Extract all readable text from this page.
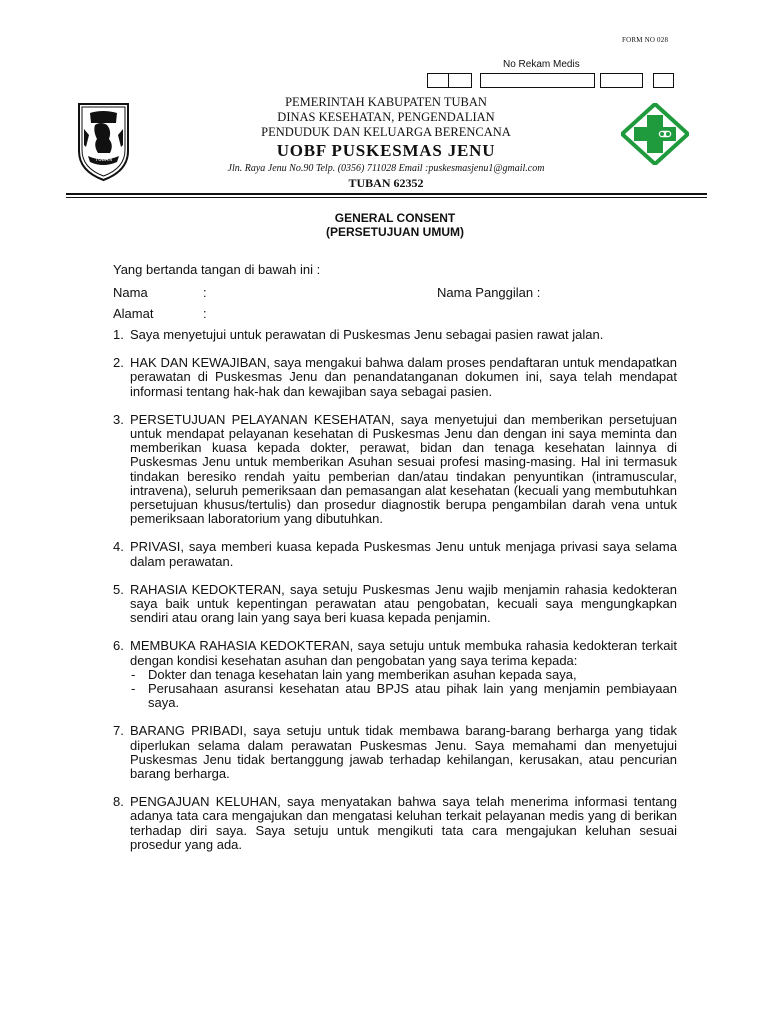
FORM NO 028
No Rekam Medis
TUBAN
PEMERINTAH KABUPATEN TUBAN
DINAS KESEHATAN, PENGENDALIAN
PENDUDUK DAN KELUARGA BERENCANA
UOBF PUSKESMAS JENU
Jln. Raya Jenu No.90 Telp. (0356) 711028 Email :puskesmasjenu1@gmail.com
TUBAN 62352
GENERAL CONSENT
(PERSETUJUAN UMUM)
Yang bertanda tangan di bawah ini :
Nama	:	Nama Panggilan :
Alamat	:
1. Saya menyetujui untuk perawatan di Puskesmas Jenu sebagai pasien rawat jalan.
2. HAK DAN KEWAJIBAN, saya mengakui bahwa dalam proses pendaftaran untuk mendapatkan perawatan di Puskesmas Jenu dan penandatanganan dokumen ini, saya telah mendapat informasi tentang hak-hak dan kewajiban saya sebagai pasien.
3. PERSETUJUAN PELAYANAN KESEHATAN, saya menyetujui dan memberikan persetujuan untuk mendapat pelayanan kesehatan di Puskesmas Jenu dan dengan ini saya meminta dan memberikan kuasa kepada dokter, perawat, bidan dan tenaga kesehatan lainnya di Puskesmas Jenu untuk memberikan Asuhan sesuai profesi masing-masing. Hal ini termasuk tindakan beresiko rendah yaitu pemberian dan/atau tindakan penyuntikan (intramuscular, intravena), seluruh pemeriksaan dan pemasangan alat kesehatan (kecuali yang membutuhkan persetujuan khusus/tertulis) dan prosedur diagnostik berupa pengambilan darah vena untuk pemeriksaan laboratorium yang dibutuhkan.
4. PRIVASI, saya memberi kuasa kepada Puskesmas Jenu untuk menjaga privasi saya selama dalam perawatan.
5. RAHASIA KEDOKTERAN, saya setuju Puskesmas Jenu wajib menjamin rahasia kedokteran saya baik untuk kepentingan perawatan atau pengobatan, kecuali saya mengungkapkan sendiri atau orang lain yang saya beri kuasa kepada penjamin.
6. MEMBUKA RAHASIA KEDOKTERAN, saya setuju untuk membuka rahasia kedokteran terkait dengan kondisi kesehatan asuhan dan pengobatan yang saya terima kepada:
- Dokter dan tenaga kesehatan lain yang memberikan asuhan kepada saya,
- Perusahaan asuransi kesehatan atau BPJS atau pihak lain yang menjamin pembiayaan saya.
7. BARANG PRIBADI, saya setuju untuk tidak membawa barang-barang berharga yang tidak diperlukan selama dalam perawatan Puskesmas Jenu. Saya memahami dan menyetujui Puskesmas Jenu tidak bertanggung jawab terhadap kehilangan, kerusakan, atau pencurian barang berharga.
8. PENGAJUAN KELUHAN, saya menyatakan bahwa saya telah menerima informasi tentang adanya tata cara mengajukan dan mengatasi keluhan terkait pelayanan medis yang di berikan terhadap diri saya. Saya setuju untuk mengikuti tata cara mengajukan keluhan sesuai prosedur yang ada.
